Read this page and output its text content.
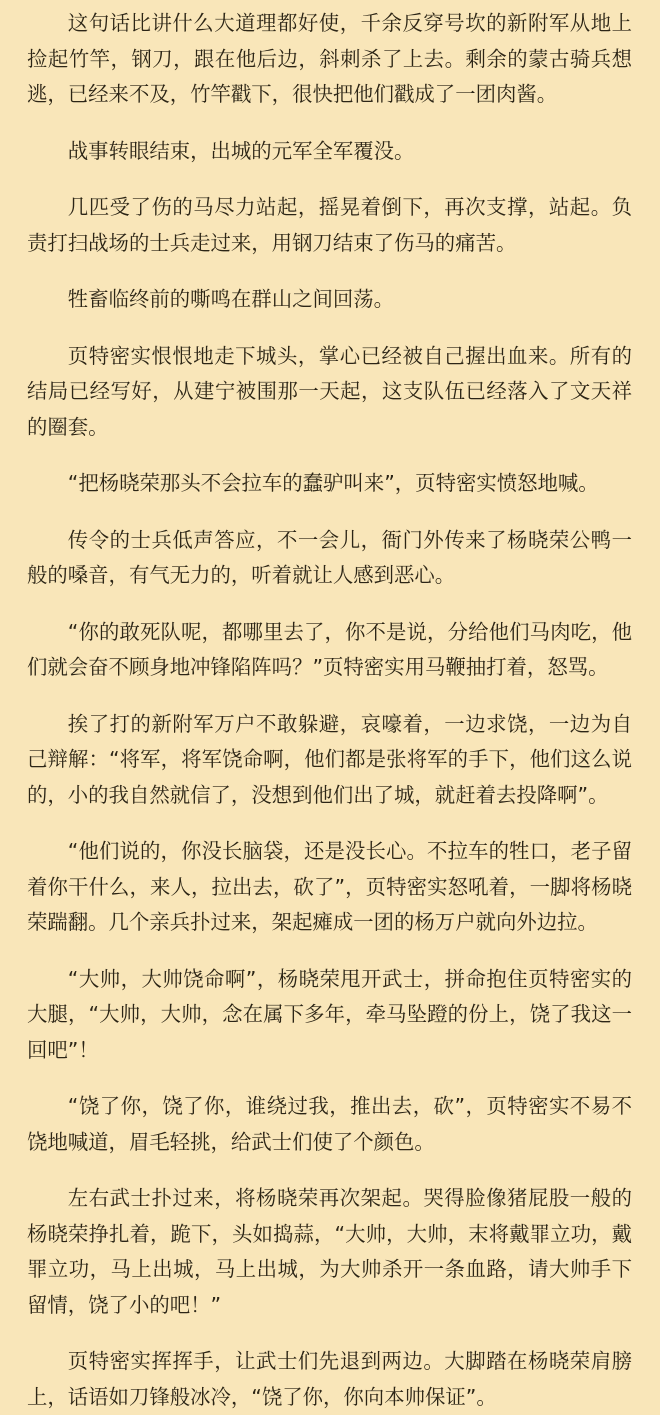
这句话比讲什么大道理都好使，千余反穿号坎的新附军从地上捡起竹竿，钢刀，跟在他后边，斜刺杀了上去。剩余的蒙古骑兵想逃，已经来不及，竹竿戳下，很快把他们戳成了一团肉酱。

战事转眼结束，出城的元军全军覆没。

几匹受了伤的马尽力站起，摇晃着倒下，再次支撑，站起。负责打扫战场的士兵走过来，用钢刀结束了伤马的痛苦。

牲畜临终前的嘶鸣在群山之间回荡。

页特密实恨恨地走下城头，掌心已经被自己握出血来。所有的结局已经写好，从建宁被围那一天起，这支队伍已经落入了文天祥的圈套。

“把杨晓荣那头不会拉车的蠢驴叫来”，页特密实愤怒地喊。

传令的士兵低声答应，不一会儿，衙门外传来了杨晓荣公鸭一般的嗓音，有气无力的，听着就让人感到恶心。

“你的敢死队呢，都哪里去了，你不是说，分给他们马肉吃，他们就会奋不顾身地冲锋陷阵吗？”页特密实用马鞭抽打着，怒骂。

挨了打的新附军万户不敢躲避，哀嚎着，一边求饶，一边为自己辩解：“将军，将军饶命啊，他们都是张将军的手下，他们这么说的，小的我自然就信了，没想到他们出了城，就赶着去投降啊”。

“他们说的，你没长脑袋，还是没长心。不拉车的牲口，老子留着你干什么，来人，拉出去，砍了”，页特密实怒吼着，一脚将杨晓荣踹翻。几个亲兵扑过来，架起瘫成一团的杨万户就向外边拉。

“大帅，大帅饶命啊”，杨晓荣甩开武士，拼命抱住页特密实的大腿，“大帅，大帅，念在属下多年，牵马坠蹬的份上，饶了我这一回吧”！

“饶了你，饶了你，谁绕过我，推出去，砍”，页特密实不易不饶地喊道，眉毛轻挑，给武士们使了个颜色。

左右武士扑过来，将杨晓荣再次架起。哭得脸像猪屁股一般的杨晓荣挣扎着，跪下，头如捣蒜，“大帅，大帅，末将戴罪立功，戴罪立功，马上出城，马上出城，为大帅杀开一条血路，请大帅手下留情，饶了小的吧！”

页特密实挥挥手，让武士们先退到两边。大脚踏在杨晓荣肩膀上，话语如刀锋般冰冷，“饶了你，你向本帅保证”。
